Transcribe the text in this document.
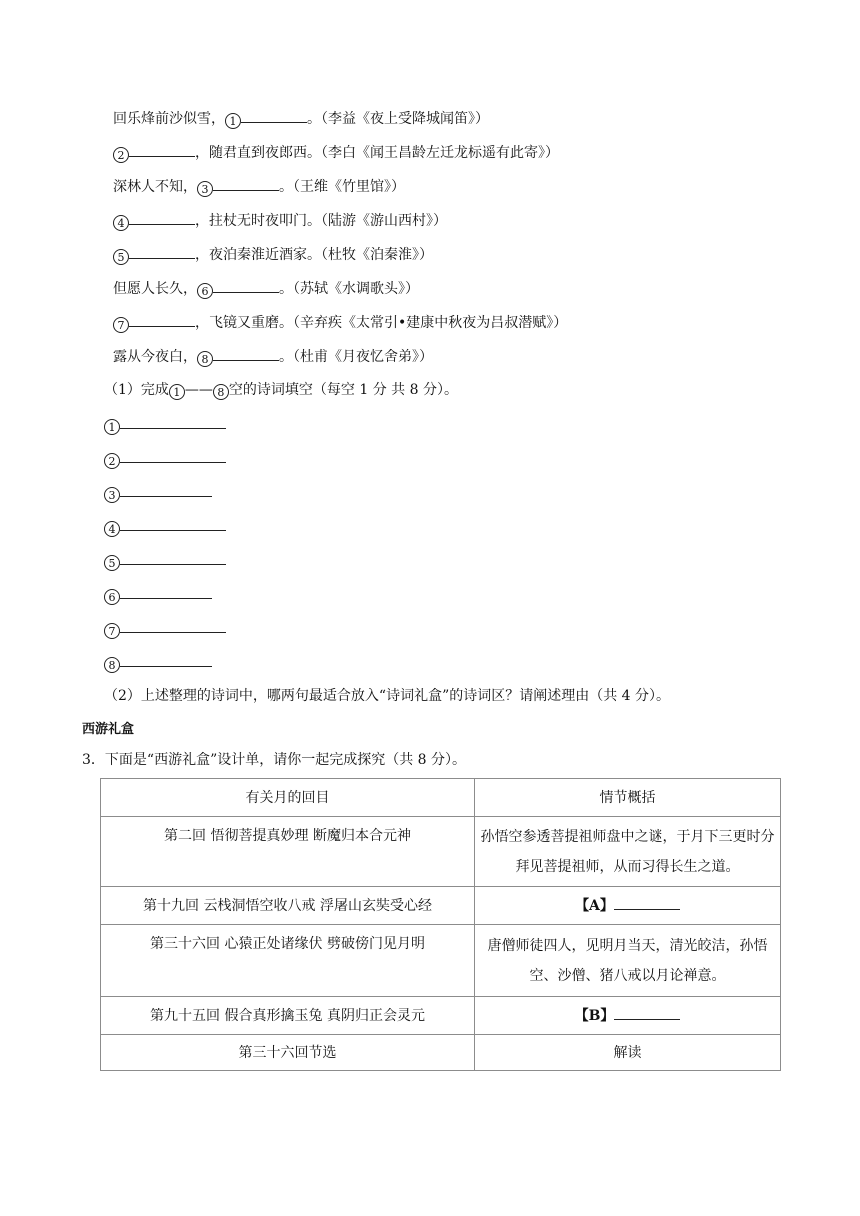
回乐烽前沙似雪， 1	。（李益《夜上受降城闻笛》）
2	，随君直到夜郎西。（李白《闻王昌龄左迁龙标遥有此寄》）
深林人不知， 3	。（王维《竹里馆》）
4	，拄杖无时夜叩门。（陆游《游山西村》）
5	，夜泊秦淮近酒家。（杜牧《泊秦淮》）
但愿人长久， 6	。（苏轼《水调歌头》）
7	，飞镜又重磨。（辛弃疾《太常引•建康中秋夜为吕叔潜赋》）
露从今夜白， 8	。（杜甫《月夜忆舍弟》）
（1）完成 1 —— 8 空的诗词填空（每空 1 分 共 8 分）。
1
2
3
4
5
6
7
8
（2）上述整理的诗词中，哪两句最适合放入“诗词礼盒”的诗词区？请阐述理由（共 4 分）。
西游礼盒
3．下面是“西游礼盒”设计单，请你一起完成探究（共 8 分）。
有关月的回目	情节概括
第二回 悟彻菩提真妙理 断魔归本合元神	孙悟空参透菩提祖师盘中之谜，于月下三更时分拜见菩提祖师，从而习得长生之道。
第十九回 云栈洞悟空收八戒 浮屠山玄奘受心经	【A】
第三十六回 心猿正处诸缘伏 劈破傍门见月明	唐僧师徒四人，见明月当天，清光皎洁，孙悟空、沙僧、猪八戒以月论禅意。
第九十五回 假合真形擒玉兔 真阴归正会灵元	【B】
第三十六回节选	解读
